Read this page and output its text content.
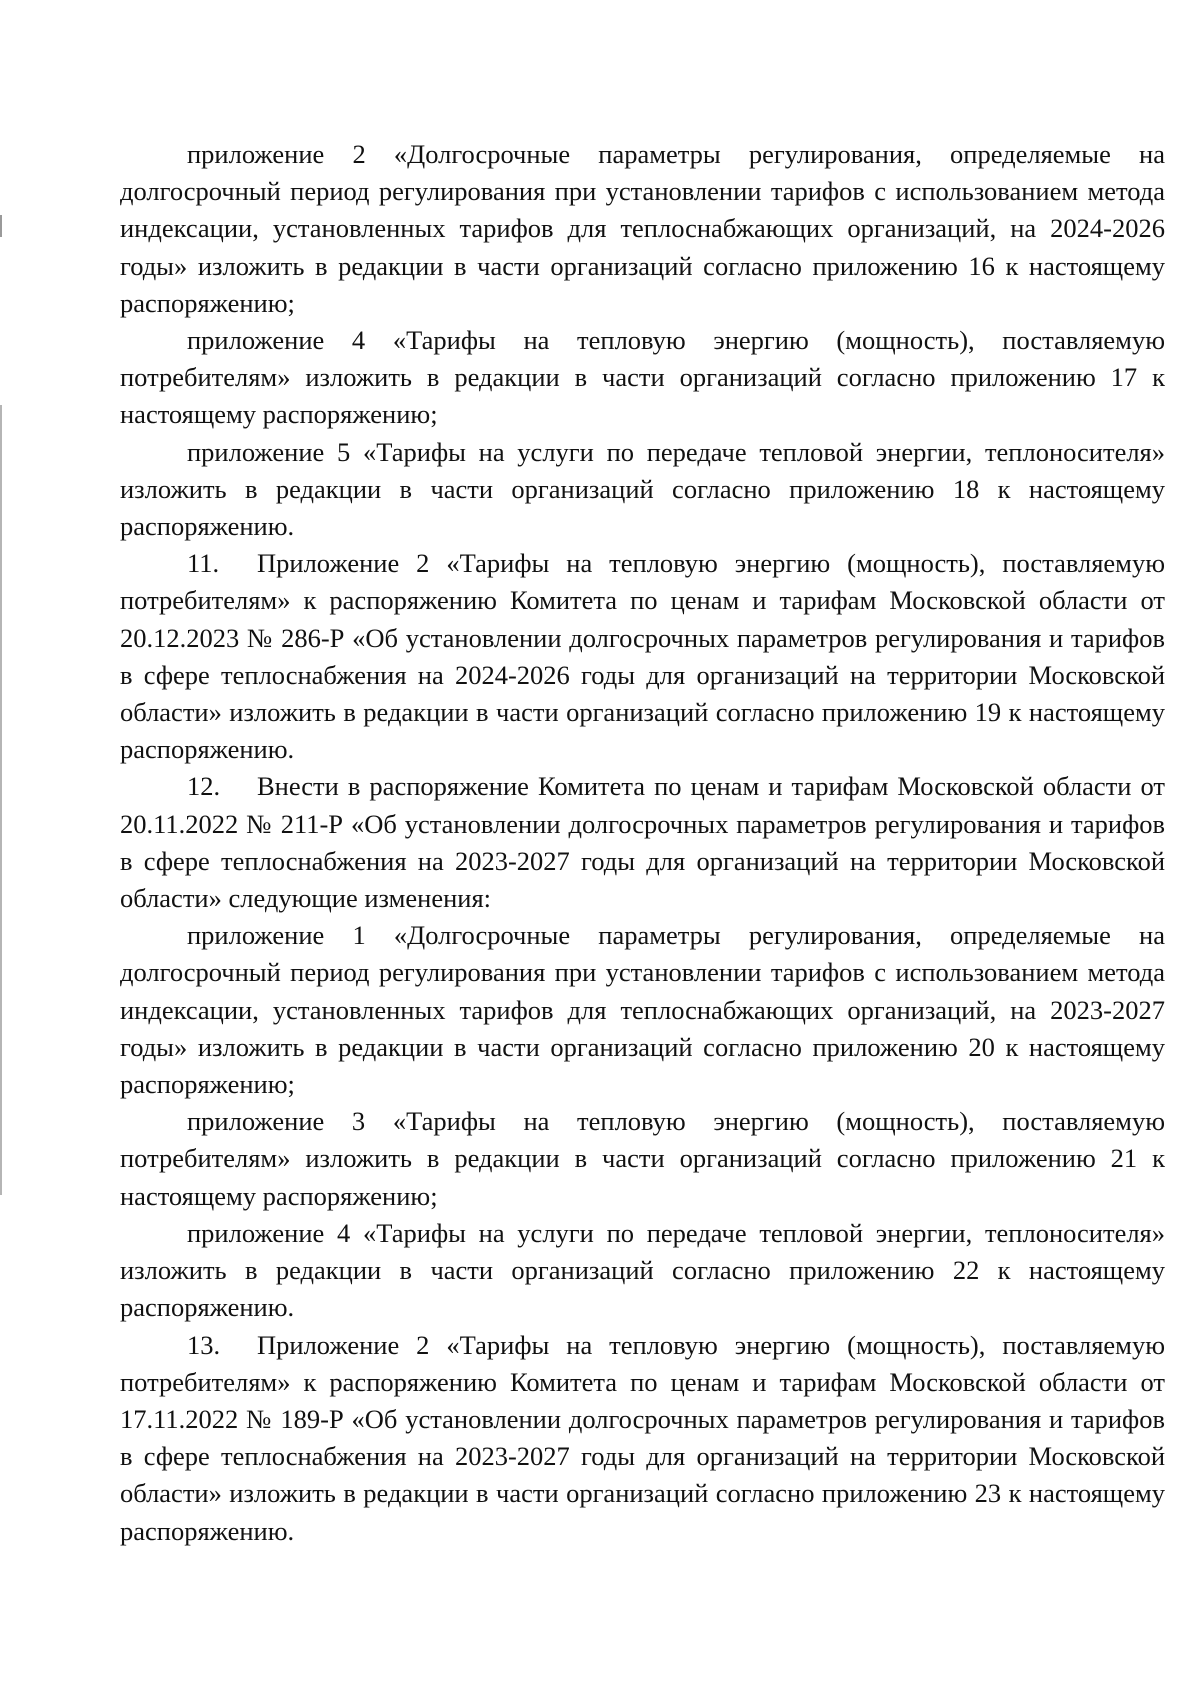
приложение 2 «Долгосрочные параметры регулирования, определяемые на долгосрочный период регулирования при установлении тарифов с использованием метода индексации, установленных тарифов для теплоснабжающих организаций, на 2024-2026 годы» изложить в редакции в части организаций согласно приложению 16 к настоящему распоряжению;

приложение 4 «Тарифы на тепловую энергию (мощность), поставляемую потребителям» изложить в редакции в части организаций согласно приложению 17 к настоящему распоряжению;

приложение 5 «Тарифы на услуги по передаче тепловой энергии, теплоносителя» изложить в редакции в части организаций согласно приложению 18 к настоящему распоряжению.

11. Приложение 2 «Тарифы на тепловую энергию (мощность), поставляемую потребителям» к распоряжению Комитета по ценам и тарифам Московской области от 20.12.2023 № 286-Р «Об установлении долгосрочных параметров регулирования и тарифов в сфере теплоснабжения на 2024-2026 годы для организаций на территории Московской области» изложить в редакции в части организаций согласно приложению 19 к настоящему распоряжению.

12. Внести в распоряжение Комитета по ценам и тарифам Московской области от 20.11.2022 № 211-Р «Об установлении долгосрочных параметров регулирования и тарифов в сфере теплоснабжения на 2023-2027 годы для организаций на территории Московской области» следующие изменения:

приложение 1 «Долгосрочные параметры регулирования, определяемые на долгосрочный период регулирования при установлении тарифов с использованием метода индексации, установленных тарифов для теплоснабжающих организаций, на 2023-2027 годы» изложить в редакции в части организаций согласно приложению 20 к настоящему распоряжению;

приложение 3 «Тарифы на тепловую энергию (мощность), поставляемую потребителям» изложить в редакции в части организаций согласно приложению 21 к настоящему распоряжению;

приложение 4 «Тарифы на услуги по передаче тепловой энергии, теплоносителя» изложить в редакции в части организаций согласно приложению 22 к настоящему распоряжению.

13. Приложение 2 «Тарифы на тепловую энергию (мощность), поставляемую потребителям» к распоряжению Комитета по ценам и тарифам Московской области от 17.11.2022 № 189-Р «Об установлении долгосрочных параметров регулирования и тарифов в сфере теплоснабжения на 2023-2027 годы для организаций на территории Московской области» изложить в редакции в части организаций согласно приложению 23 к настоящему распоряжению.
